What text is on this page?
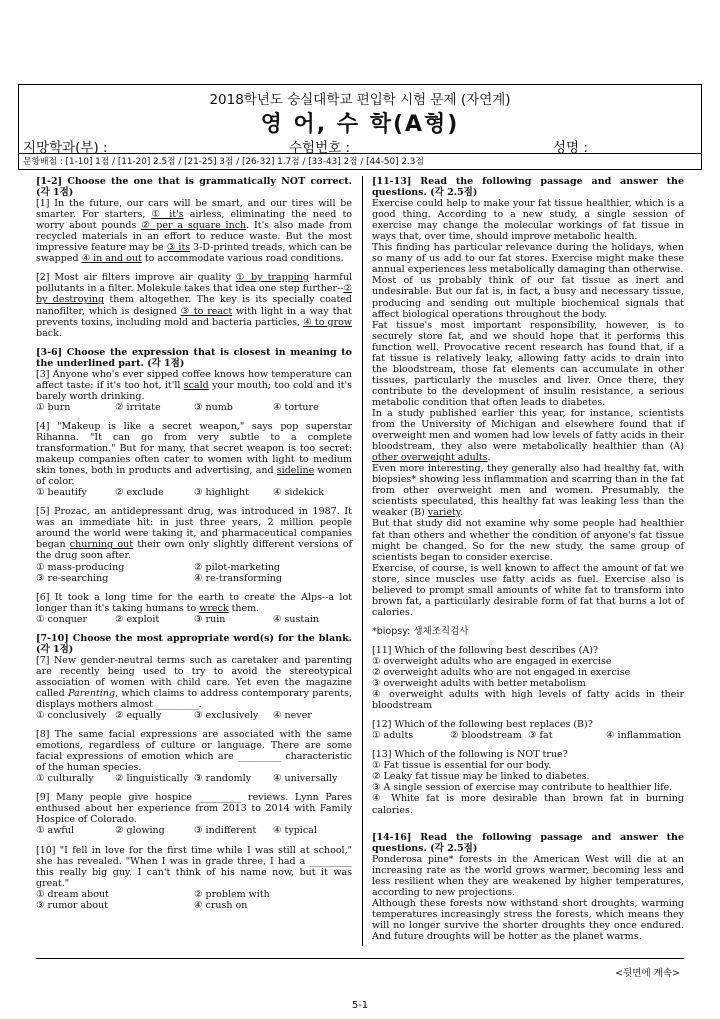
2018학년도 숭실대학교 편입학 시험 문제 (자연계)
영 어, 수 학(A형)
지망학과(부) :	수험번호 :	성명 :
문항배점 : [1-10] 1점 / [11-20] 2.5점 / [21-25] 3점 / [26-32] 1.7점 / [33-43] 2점 / [44-50] 2.3점

[1-2] Choose the one that is grammatically NOT correct. (각 1점)

[1] In the future, our cars will be smart, and our tires will be smarter. For starters, ① it's airless, eliminating the need to worry about pounds ② per a square inch. It's also made from recycled materials in an effort to reduce waste. But the most impressive feature may be ③ its 3-D-printed treads, which can be swapped ④ in and out to accommodate various road conditions.

[2] Most air filters improve air quality ① by trapping harmful pollutants in a filter. Molekule takes that idea one step further--② by destroying them altogether. The key is its specially coated nanofilter, which is designed ③ to react with light in a way that prevents toxins, including mold and bacteria particles, ④ to grow back.

[3-6] Choose the expression that is closest in meaning to the underlined part. (각 1점)

[3] Anyone who's ever sipped coffee knows how temperature can affect taste: if it's too hot, it'll scald your mouth; too cold and it's barely worth drinking.

① burn	② irritate	③ numb	④ torture

[4] "Makeup is like a secret weapon," says pop superstar Rihanna. "It can go from very subtle to a complete transformation." But for many, that secret weapon is too secret: makeup companies often cater to women with light to medium skin tones, both in products and advertising, and sideline women of color.

① beautify	② exclude	③ highlight	④ sidekick

[5] Prozac, an antidepressant drug, was introduced in 1987. It was an immediate hit: in just three years, 2 million people around the world were taking it, and pharmaceutical companies began churning out their own only slightly different versions of the drug soon after.

① mass-producing	② pilot-marketing
③ re-searching	④ re-transforming

[6] It took a long time for the earth to create the Alps--a lot longer than it's taking humans to wreck them.

① conquer	② exploit	③ ruin	④ sustain

[7-10] Choose the most appropriate word(s) for the blank. (각 1점)

[7] New gender-neutral terms such as caretaker and parenting are recently being used to try to avoid the stereotypical association of women with child care. Yet even the magazine called Parenting, which claims to address contemporary parents, displays mothers almost _________.

① conclusively ② equally	③ exclusively	④ never

[8] The same facial expressions are associated with the same emotions, regardless of culture or language. There are some facial expressions of emotion which are _________ characteristic of the human species.

① culturally	② linguistically ③ randomly	④ universally

[9] Many people give hospice _________ reviews. Lynn Pares enthused about her experience from 2013 to 2014 with Family Hospice of Colorado.

① awful	② glowing	③ indifferent	④ typical

[10] "I fell in love for the first time while I was still at school," she has revealed. "When I was in grade three, I had a _________ this really big guy. I can't think of his name now, but it was great."

① dream about	② problem with
③ rumor about	④ crush on

[11-13] Read the following passage and answer the questions. (각 2.5점)

Exercise could help to make your fat tissue healthier, which is a good thing. According to a new study, a single session of exercise may change the molecular workings of fat tissue in ways that, over time, should improve metabolic health.

This finding has particular relevance during the holidays, when so many of us add to our fat stores. Exercise might make these annual experiences less metabolically damaging than otherwise.

Most of us probably think of our fat tissue as inert and undesirable. But our fat is, in fact, a busy and necessary tissue, producing and sending out multiple biochemical signals that affect biological operations throughout the body.

Fat tissue's most important responsibility, however, is to securely store fat, and we should hope that it performs this function well. Provocative recent research has found that, if a fat tissue is relatively leaky, allowing fatty acids to drain into the bloodstream, those fat elements can accumulate in other tissues, particularly the muscles and liver. Once there, they contribute to the development of insulin resistance, a serious metabolic condition that often leads to diabetes.

In a study published earlier this year, for instance, scientists from the University of Michigan and elsewhere found that if overweight men and women had low levels of fatty acids in their bloodstream, they also were metabolically healthier than (A) other overweight adults.

Even more interesting, they generally also had healthy fat, with biopsies* showing less inflammation and scarring than in the fat from other overweight men and women. Presumably, the scientists speculated, this healthy fat was leaking less than the weaker (B) variety.

But that study did not examine why some people had healthier fat than others and whether the condition of anyone's fat tissue might be changed. So for the new study, the same group of scientists began to consider exercise.

Exercise, of course, is well known to affect the amount of fat we store, since muscles use fatty acids as fuel. Exercise also is believed to prompt small amounts of white fat to transform into brown fat, a particularly desirable form of fat that burns a lot of calories.

*biopsy: 생체조직검사

[11] Which of the following best describes (A)?

① overweight adults who are engaged in exercise

② overweight adults who are not engaged in exercise

③ overweight adults with better metabolism

④ overweight adults with high levels of fatty acids in their bloodstream

[12] Which of the following best replaces (B)?

① adults	② bloodstream ③ fat	④ inflammation

[13] Which of the following is NOT true?

① Fat tissue is essential for our body.

② Leaky fat tissue may be linked to diabetes.

③ A single session of exercise may contribute to healthier life.

④ White fat is more desirable than brown fat in burning calories.

[14-16] Read the following passage and answer the questions. (각 2.5점)

Ponderosa pine* forests in the American West will die at an increasing rate as the world grows warmer, becoming less and less resilient when they are weakened by higher temperatures, according to new projections.

Although these forests now withstand short droughts, warming temperatures increasingly stress the forests, which means they will no longer survive the shorter droughts they once endured. And future droughts will be hotter as the planet warms.

<뒷면에 계속>
5-1
